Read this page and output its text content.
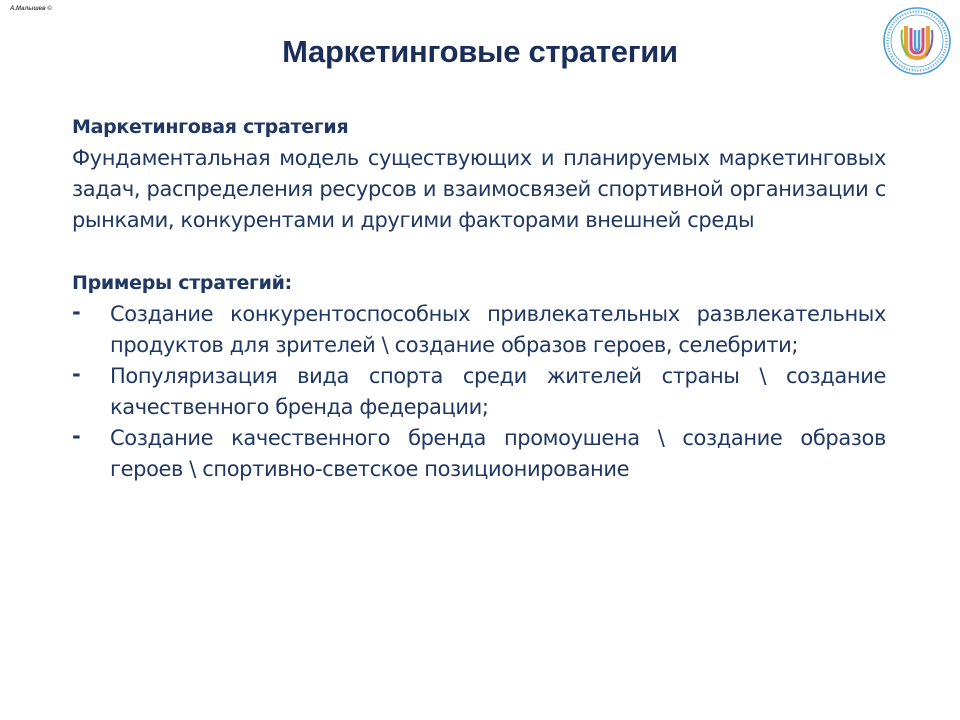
А.Малышев ©
Маркетинговые стратегии
Маркетинговая стратегия

Фундаментальная модель существующих и планируемых маркетинговых задач, распределения ресурсов и взаимосвязей спортивной организации с рынками, конкурентами и другими факторами внешней среды

Примеры стратегий:
- Создание конкурентоспособных привлекательных развлекательных продуктов для зрителей \ создание образов героев, селебрити;
- Популяризация вида спорта среди жителей страны \ создание качественного бренда федерации;
- Создание качественного бренда промоушена \ создание образов героев \ спортивно-светское позиционирование
